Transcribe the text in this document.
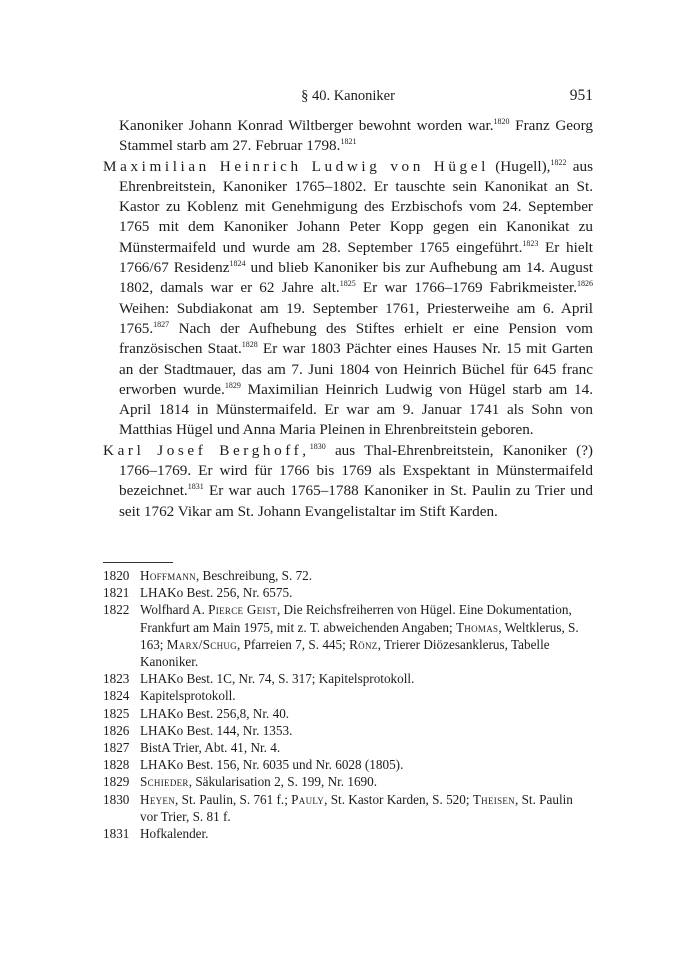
§ 40. Kanoniker	951

Kanoniker Johann Konrad Wiltberger bewohnt worden war.$^{1820}$ Franz Georg Stammel starb am 27. Februar 1798.$^{1821}$

Maximilian Heinrich Ludwig von Hügel (Hugell),$^{1822}$ aus Ehrenbreitstein, Kanoniker 1765–1802. Er tauschte sein Kanonikat an St. Kastor zu Koblenz mit Genehmigung des Erzbischofs vom 24. September 1765 mit dem Kanoniker Johann Peter Kopp gegen ein Kanonikat zu Münstermaifeld und wurde am 28. September 1765 eingeführt.$^{1823}$ Er hielt 1766/67 Residenz$^{1824}$ und blieb Kanoniker bis zur Aufhebung am 14. August 1802, damals war er 62 Jahre alt.$^{1825}$ Er war 1766–1769 Fabrikmeister.$^{1826}$ Weihen: Subdiakonat am 19. September 1761, Priesterweihe am 6. April 1765.$^{1827}$ Nach der Aufhebung des Stiftes erhielt er eine Pension vom französischen Staat.$^{1828}$ Er war 1803 Pächter eines Hauses Nr. 15 mit Garten an der Stadtmauer, das am 7. Juni 1804 von Heinrich Büchel für 645 franc erworben wurde.$^{1829}$ Maximilian Heinrich Ludwig von Hügel starb am 14. April 1814 in Münstermaifeld. Er war am 9. Januar 1741 als Sohn von Matthias Hügel und Anna Maria Pleinen in Ehrenbreitstein geboren.

Karl Josef Berghoff,$^{1830}$ aus Thal-Ehrenbreitstein, Kanoniker (?) 1766–1769. Er wird für 1766 bis 1769 als Exspektant in Münstermaifeld bezeichnet.$^{1831}$ Er war auch 1765–1788 Kanoniker in St. Paulin zu Trier und seit 1762 Vikar am St. Johann Evangelistaltar im Stift Karden.

1820 Hoffmann, Beschreibung, S. 72.

1821 LHAKo Best. 256, Nr. 6575.

1822 Wolfhard A. Pierce Geist, Die Reichsfreiherren von Hügel. Eine Dokumentation, Frankfurt am Main 1975, mit z. T. abweichenden Angaben; Thomas, Weltklerus, S. 163; Marx/Schug, Pfarreien 7, S. 445; Rönz, Trierer Diözesanklerus, Tabelle Kanoniker.

1823 LHAKo Best. 1C, Nr. 74, S. 317; Kapitelsprotokoll.

1824 Kapitelsprotokoll.

1825 LHAKo Best. 256,8, Nr. 40.

1826 LHAKo Best. 144, Nr. 1353.

1827 BistA Trier, Abt. 41, Nr. 4.

1828 LHAKo Best. 156, Nr. 6035 und Nr. 6028 (1805).

1829 Schieder, Säkularisation 2, S. 199, Nr. 1690.

1830 Heyen, St. Paulin, S. 761 f.; Pauly, St. Kastor Karden, S. 520; Theisen, St. Paulin vor Trier, S. 81 f.

1831 Hofkalender.
